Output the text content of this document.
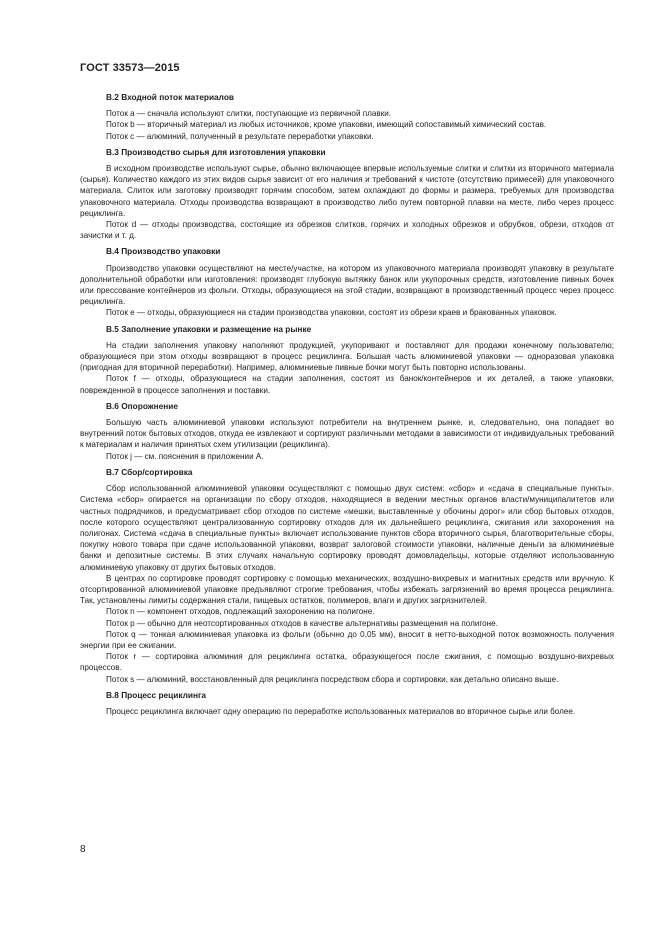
ГОСТ 33573—2015

В.2 Входной поток материалов

Поток a — сначала используют слитки, поступающие из первичной плавки.

Поток b — вторичный материал из любых источников, кроме упаковки, имеющий сопоставимый химический состав.

Поток c — алюминий, полученный в результате переработки упаковки.

В.3 Производство сырья для изготовления упаковки

В исходном производстве используют сырье, обычно включающее впервые используемые слитки и слитки из вторичного материала (сырья). Количество каждого из этих видов сырья зависит от его наличия и требований к чистоте (отсутствию примесей) для упаковочного материала. Слиток или заготовку производят горячим способом, затем охлаждают до формы и размера, требуемых для производства упаковочного материала. Отходы производства возвращают в производство либо путем повторной плавки на месте, либо через процесс рециклинга.

Поток d — отходы производства, состоящие из обрезков слитков, горячих и холодных обрезков и обрубков, обрези, отходов от зачистки и т. д.

В.4 Производство упаковки

Производство упаковки осуществляют на месте/участке, на котором из упаковочного материала производят упаковку в результате дополнительной обработки или изготовления: производят глубокую вытяжку банок или укупорочных средств, изготовление пивных бочек или прессование контейнеров из фольги. Отходы, образующиеся на этой стадии, возвращают в производственный процесс через процесс рециклинга.

Поток e — отходы, образующиеся на стадии производства упаковки, состоят из обрези краев и бракованных упаковок.

В.5 Заполнение упаковки и размещение на рынке

На стадии заполнения упаковку наполняют продукцией, укупоривают и поставляют для продажи конечному пользователю; образующиеся при этом отходы возвращают в процесс рециклинга. Большая часть алюминиевой упаковки — одноразовая упаковка (пригодная для вторичной переработки). Например, алюминиевые пивные бочки могут быть повторно использованы.

Поток f — отходы, образующиеся на стадии заполнения, состоят из банок/контейнеров и их деталей, а также упаковки, поврежденной в процессе заполнения и поставки.

В.6 Опорожнение

Большую часть алюминиевой упаковки используют потребители на внутреннем рынке, и, следовательно, она попадает во внутренний поток бытовых отходов, откуда ее извлекают и сортируют различными методами в зависимости от индивидуальных требований к материалам и наличия принятых схем утилизации (рециклинга).

Поток j — см. пояснения в приложении А.

В.7 Сбор/сортировка

Сбор использованной алюминиевой упаковки осуществляют с помощью двух систем: «сбор» и «сдача в специальные пункты». Система «сбор» опирается на организации по сбору отходов, находящиеся в ведении местных органов власти/муниципалитетов или частных подрядчиков, и предусматривает сбор отходов по системе «мешки, выставленные у обочины дорог» или сбор бытовых отходов, после которого осуществляют централизованную сортировку отходов для их дальнейшего рециклинга, сжигания или захоронения на полигонах. Система «сдача в специальные пункты» включает использование пунктов сбора вторичного сырья, благотворительные сборы, покупку нового товара при сдаче использованной упаковки, возврат залоговой стоимости упаковки, наличные деньги за алюминиевые банки и депозитные системы. В этих случаях начальную сортировку проводят домовладельцы, которые отделяют использованную алюминиевую упаковку от других бытовых отходов.

В центрах по сортировке проводят сортировку с помощью механических, воздушно-вихревых и магнитных средств или вручную. К отсортированной алюминиевой упаковке предъявляют строгие требования, чтобы избежать загрязнений во время процесса рециклинга. Так, установлены лимиты содержания стали, пищевых остатков, полимеров, влаги и других загрязнителей.

Поток n — компонент отходов, подлежащий захоронению на полигоне.

Поток p — обычно для неотсортированных отходов в качестве альтернативы размещения на полигоне.

Поток q — тонкая алюминиевая упаковка из фольги (обычно до 0,05 мм), вносит в нетто-выходной поток возможность получения энергии при ее сжигании.

Поток r — сортировка алюминия для рециклинга остатка, образующегося после сжигания, с помощью воздушно-вихревых процессов.

Поток s — алюминий, восстановленный для рециклинга посредством сбора и сортировки, как детально описано выше.

В.8 Процесс рециклинга

Процесс рециклинга включает одну операцию по переработке использованных материалов во вторичное сырье или более.

8
